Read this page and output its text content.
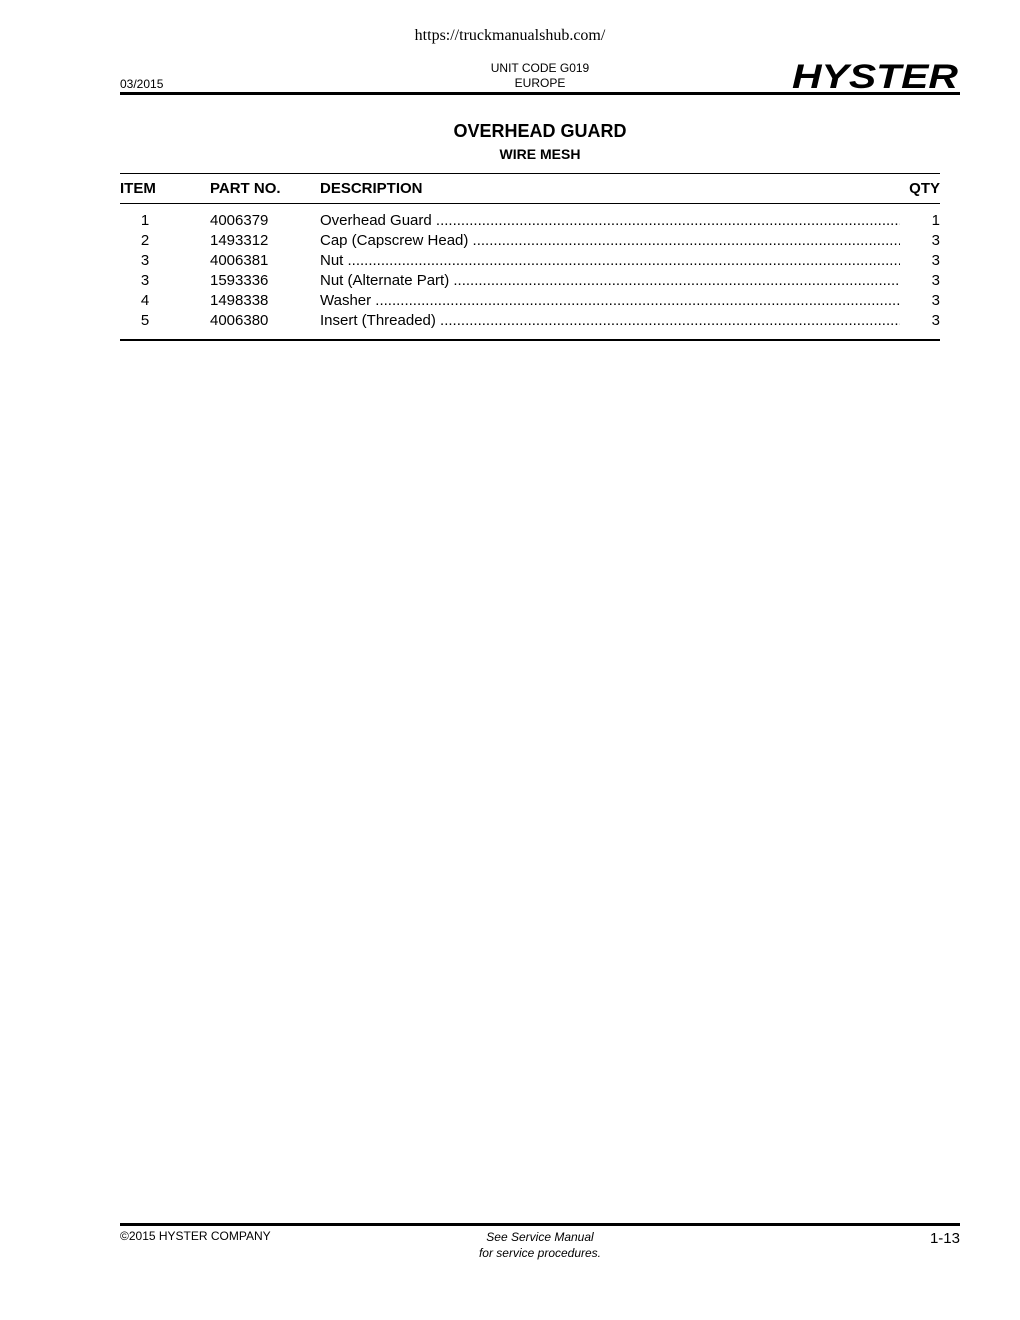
https://truckmanualshub.com/
03/2015
UNIT CODE G019
EUROPE	HYSTER
OVERHEAD GUARD
WIRE MESH
ITEM	PART NO.	DESCRIPTION	QTY
1	4006379	Overhead Guard .....	1
2	1493312	Cap (Capscrew Head) .....	3
3	4006381	Nut .....	3
3	1593336	Nut (Alternate Part) .....	3
4	1498338	Washer .....	3
5	4006380	Insert (Threaded) .....	3
©2015 HYSTER COMPANY	See Service Manual
for service procedures.
1-13
